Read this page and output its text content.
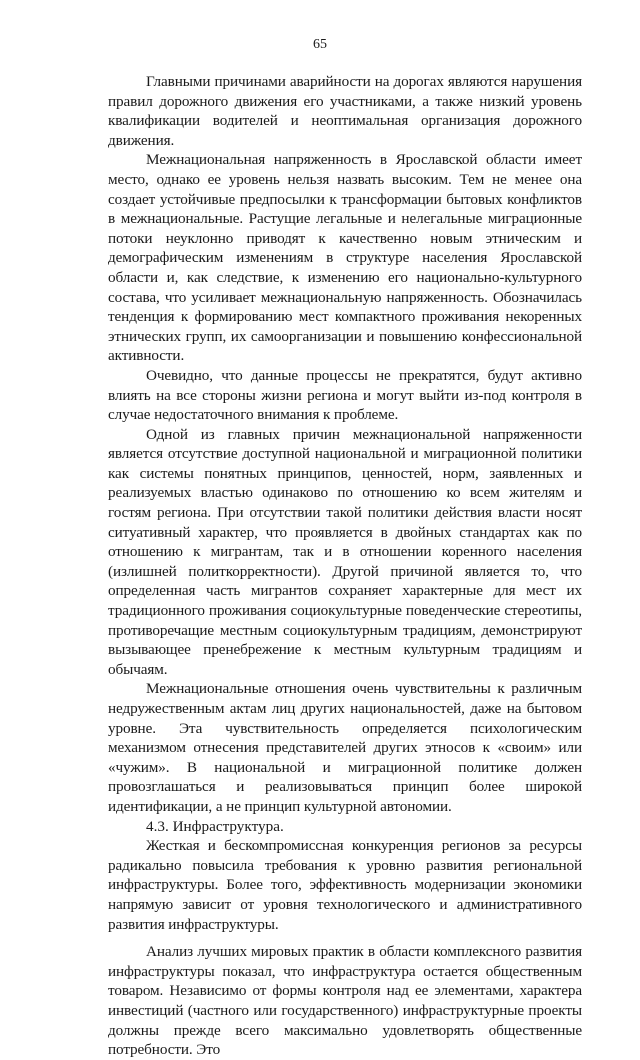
65

Главными причинами аварийности на дорогах являются нарушения правил дорожного движения его участниками, а также низкий уровень квалификации водителей и неоптимальная организация дорожного движения.

Межнациональная напряженность в Ярославской области имеет место, однако ее уровень нельзя назвать высоким. Тем не менее она создает устойчивые предпосылки к трансформации бытовых конфликтов в межнациональные. Растущие легальные и нелегальные миграционные потоки неуклонно приводят к качественно новым этническим и демографическим изменениям в структуре населения Ярославской области и, как следствие, к изменению его национально-культурного состава, что усиливает межнациональную напряженность. Обозначилась тенденция к формированию мест компактного проживания некоренных этнических групп, их самоорганизации и повышению конфессиональной активности.

Очевидно, что данные процессы не прекратятся, будут активно влиять на все стороны жизни региона и могут выйти из-под контроля в случае недостаточного внимания к проблеме.

Одной из главных причин межнациональной напряженности является отсутствие доступной национальной и миграционной политики как системы понятных принципов, ценностей, норм, заявленных и реализуемых властью одинаково по отношению ко всем жителям и гостям региона. При отсутствии такой политики действия власти носят ситуативный характер, что проявляется в двойных стандартах как по отношению к мигрантам, так и в отношении коренного населения (излишней политкорректности). Другой причиной является то, что определенная часть мигрантов сохраняет характерные для мест их традиционного проживания социокультурные поведенческие стереотипы, противоречащие местным социокультурным традициям, демонстрируют вызывающее пренебрежение к местным культурным традициям и обычаям.

Межнациональные отношения очень чувствительны к различным недружественным актам лиц других национальностей, даже на бытовом уровне. Эта чувствительность определяется психологическим механизмом отнесения представителей других этносов к «своим» или «чужим». В национальной и миграционной политике должен провозглашаться и реализовываться принцип более широкой идентификации, а не принцип культурной автономии.

4.3. Инфраструктура.

Жесткая и бескомпромиссная конкуренция регионов за ресурсы радикально повысила требования к уровню развития региональной инфраструктуры. Более того, эффективность модернизации экономики напрямую зависит от уровня технологического и административного развития инфраструктуры.

Анализ лучших мировых практик в области комплексного развития инфраструктуры показал, что инфраструктура остается общественным товаром. Независимо от формы контроля над ее элементами, характера инвестиций (частного или государственного) инфраструктурные проекты должны прежде всего максимально удовлетворять общественные потребности. Это
